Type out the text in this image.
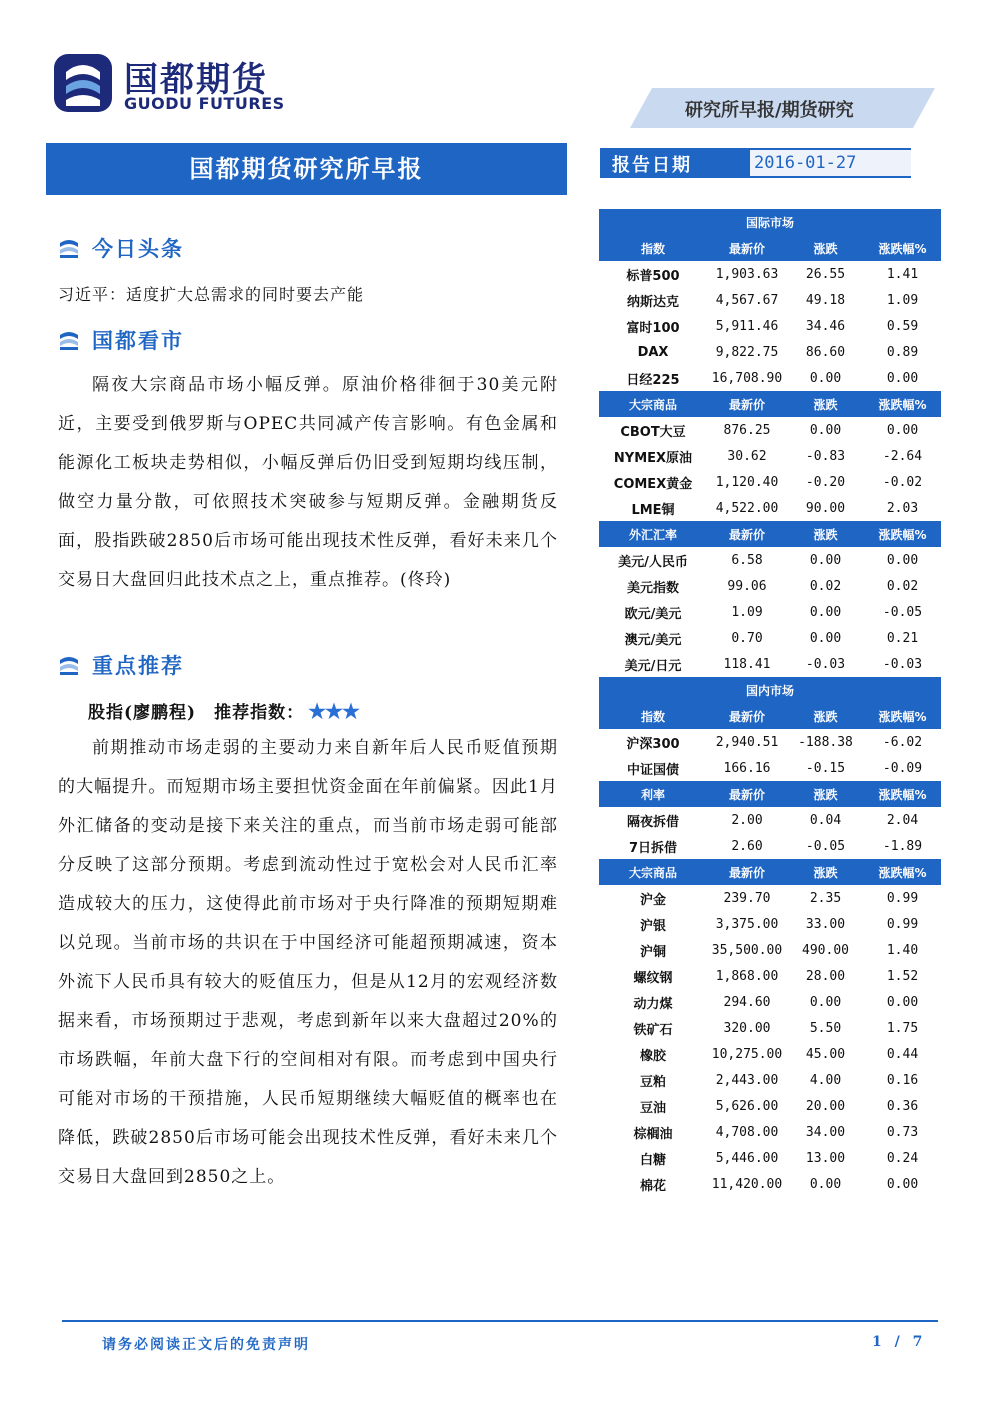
国都期货
GUODU FUTURES	研究所早报/期货研究
国都期货研究所早报	报告日期	2016-01-27
今日头条
习近平：适度扩大总需求的同时要去产能
国都看市
隔夜大宗商品市场小幅反弹。原油价格徘徊于30美元附近，主要受到俄罗斯与OPEC共同减产传言影响。有色金属和能源化工板块走势相似，小幅反弹后仍旧受到短期均线压制，做空力量分散，可依照技术突破参与短期反弹。金融期货反面，股指跌破2850后市场可能出现技术性反弹，看好未来几个交易日大盘回归此技术点之上，重点推荐。(佟玲)
重点推荐
股指(廖鹏程)　推荐指数： ★★★
前期推动市场走弱的主要动力来自新年后人民币贬值预期的大幅提升。而短期市场主要担忧资金面在年前偏紧。因此1月外汇储备的变动是接下来关注的重点，而当前市场走弱可能部分反映了这部分预期。考虑到流动性过于宽松会对人民币汇率造成较大的压力，这使得此前市场对于央行降准的预期短期难以兑现。当前市场的共识在于中国经济可能超预期减速，资本外流下人民币具有较大的贬值压力，但是从12月的宏观经济数据来看，市场预期过于悲观，考虑到新年以来大盘超过20%的市场跌幅，年前大盘下行的空间相对有限。而考虑到中国央行可能对市场的干预措施，人民币短期继续大幅贬值的概率也在降低，跌破2850后市场可能会出现技术性反弹，看好未来几个交易日大盘回到2850之上。
国际市场			
指数	最新价	涨跌	涨跌幅%
标普500	1,903.63	26.55	1.41
纳斯达克	4,567.67	49.18	1.09
富时100	5,911.46	34.46	0.59
DAX	9,822.75	86.60	0.89
日经225	16,708.90	0.00	0.00
大宗商品	最新价	涨跌	涨跌幅%
CBOT大豆	876.25	0.00	0.00
NYMEX原油	30.62	-0.83	-2.64
COMEX黄金	1,120.40	-0.20	-0.02
LME铜	4,522.00	90.00	2.03
外汇汇率	最新价	涨跌	涨跌幅%
美元/人民币	6.58	0.00	0.00
美元指数	99.06	0.02	0.02
欧元/美元	1.09	0.00	-0.05
澳元/美元	0.70	0.00	0.21
美元/日元	118.41	-0.03	-0.03
国内市场			
指数	最新价	涨跌	涨跌幅%
沪深300	2,940.51	-188.38	-6.02
中证国债	166.16	-0.15	-0.09
利率	最新价	涨跌	涨跌幅%
隔夜拆借	2.00	0.04	2.04
7日拆借	2.60	-0.05	-1.89
大宗商品	最新价	涨跌	涨跌幅%
沪金	239.70	2.35	0.99
沪银	3,375.00	33.00	0.99
沪铜	35,500.00	490.00	1.40
螺纹钢	1,868.00	28.00	1.52
动力煤	294.60	0.00	0.00
铁矿石	320.00	5.50	1.75
橡胶	10,275.00	45.00	0.44
豆粕	2,443.00	4.00	0.16
豆油	5,626.00	20.00	0.36
棕榈油	4,708.00	34.00	0.73
白糖	5,446.00	13.00	0.24
棉花	11,420.00	0.00	0.00
请务必阅读正文后的免责声明	1 / 7
